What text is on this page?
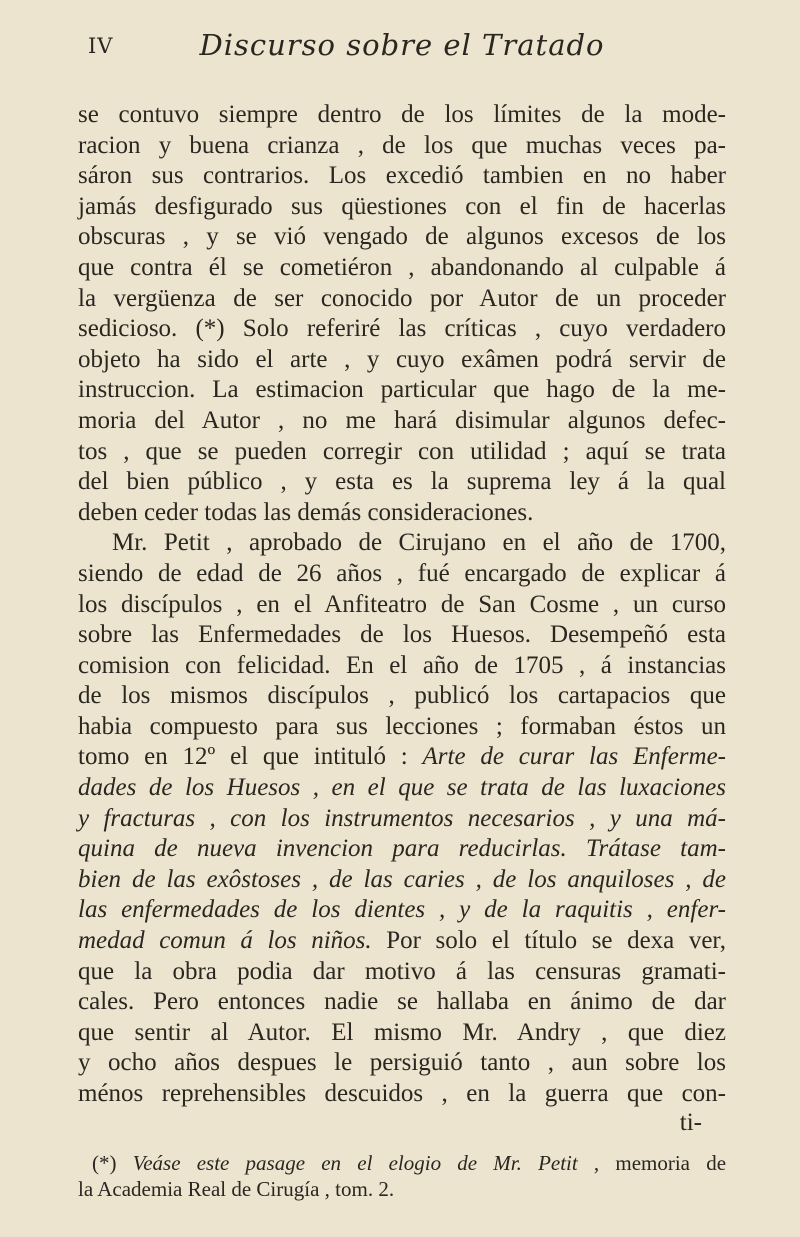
IV	Discurso sobre el Tratado
se contuvo siempre dentro de los límites de la mode-
racion y buena crianza , de los que muchas veces pa-
sáron sus contrarios. Los excedió tambien en no haber
jamás desfigurado sus qüestiones con el fin de hacerlas
obscuras , y se vió vengado de algunos excesos de los
que contra él se cometiéron , abandonando al culpable á
la vergüenza de ser conocido por Autor de un proceder
sedicioso. (*) Solo referiré las críticas , cuyo verdadero
objeto ha sido el arte , y cuyo exâmen podrá servir de
instruccion. La estimacion particular que hago de la me-
moria del Autor , no me hará disimular algunos defec-
tos , que se pueden corregir con utilidad ; aquí se trata
del bien público , y esta es la suprema ley á la qual
deben ceder todas las demás consideraciones.
Mr. Petit , aprobado de Cirujano en el año de 1700,
siendo de edad de 26 años , fué encargado de explicar á
los discípulos , en el Anfiteatro de San Cosme , un curso
sobre las Enfermedades de los Huesos. Desempeñó esta
comision con felicidad. En el año de 1705 , á instancias
de los mismos discípulos , publicó los cartapacios que
habia compuesto para sus lecciones ; formaban éstos un
tomo en 12º el que intituló : Arte de curar las Enferme-
dades de los Huesos , en el que se trata de las luxaciones
y fracturas , con los instrumentos necesarios , y una má-
quina de nueva invencion para reducirlas. Trátase tam-
bien de las exôstoses , de las caries , de los anquiloses , de
las enfermedades de los dientes , y de la raquitis , enfer-
medad comun á los niños. Por solo el título se dexa ver,
que la obra podia dar motivo á las censuras gramati-
cales. Pero entonces nadie se hallaba en ánimo de dar
que sentir al Autor. El mismo Mr. Andry , que diez
y ocho años despues le persiguió tanto , aun sobre los
ménos reprehensibles descuidos , en la guerra que con-
ti-
(*) Veáse este pasage en el elogio de Mr. Petit , memoria de
la Academia Real de Cirugía , tom. 2.
